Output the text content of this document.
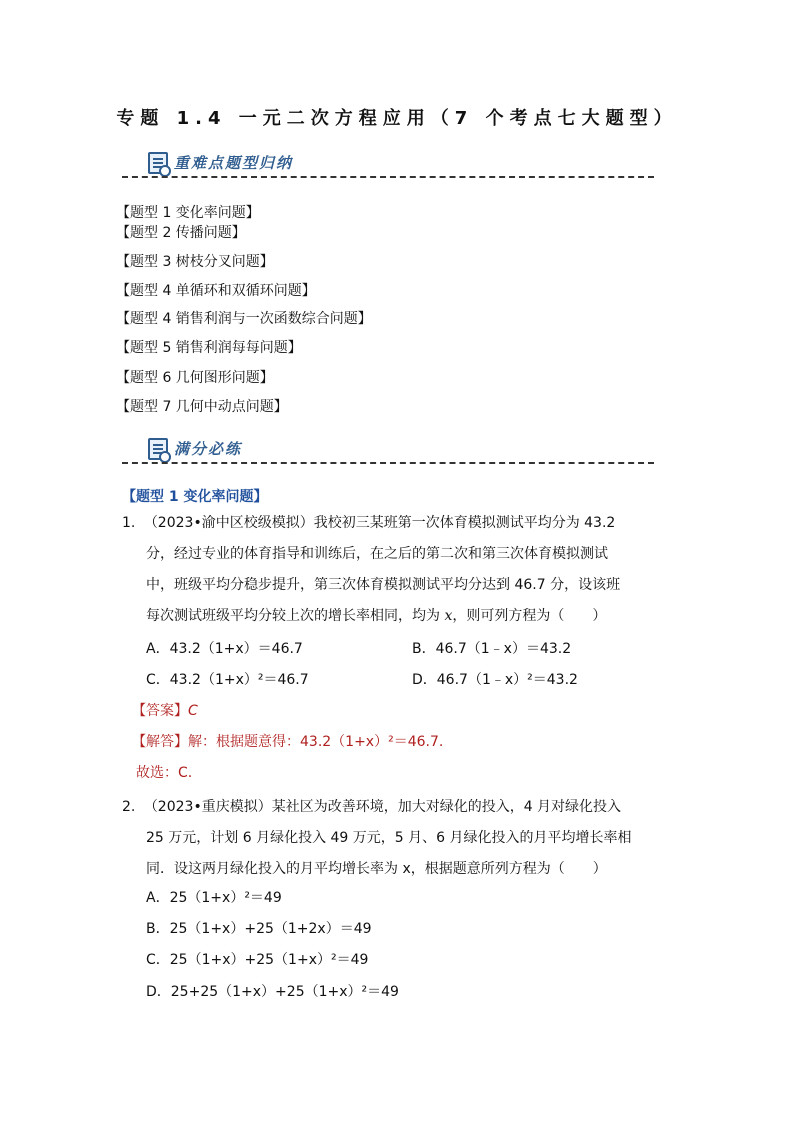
专题 1.4 一元二次方程应用（7 个考点七大题型）
重难点题型归纳
【题型 1 变化率问题】
【题型 2 传播问题】
【题型 3 树枝分叉问题】
【题型 4 单循环和双循环问题】
【题型 4 销售利润与一次函数综合问题】
【题型 5 销售利润每每问题】
【题型 6 几何图形问题】
【题型 7 几何中动点问题】
满分必练
【题型 1 变化率问题】
1. （2023•渝中区校级模拟）我校初三某班第一次体育模拟测试平均分为 43.2
分，经过专业的体育指导和训练后，在之后的第二次和第三次体育模拟测试
中，班级平均分稳步提升，第三次体育模拟测试平均分达到 46.7 分，设该班
每次测试班级平均分较上次的增长率相同，均为 x，则可列方程为（　　）
A．43.2（1+x）＝46.7	B．46.7（1﹣x）＝43.2
C．43.2（1+x）²＝46.7	D．46.7（1﹣x）²＝43.2
【答案】C
【解答】解：根据题意得：43.2（1+x）²＝46.7.
故选：C.
2. （2023•重庆模拟）某社区为改善环境，加大对绿化的投入，4 月对绿化投入
25 万元，计划 6 月绿化投入 49 万元，5 月、6 月绿化投入的月平均增长率相
同．设这两月绿化投入的月平均增长率为 x，根据题意所列方程为（　　）
A．25（1+x）²＝49
B．25（1+x）+25（1+2x）＝49
C．25（1+x）+25（1+x）²＝49
D．25+25（1+x）+25（1+x）²＝49
